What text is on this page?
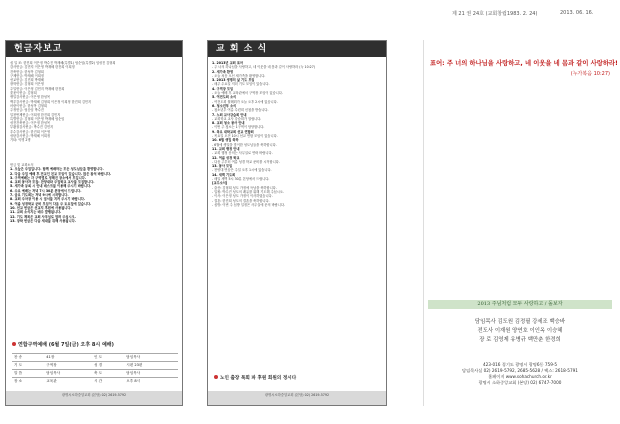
제 21 권 24호 (교회창립1983. 2. 24)	2013. 06. 16.
헌금자보고
십 일 조: 한진희 이은정 박수진 박재혜(특별1) 엄순임(특별2) 임성진 김형희
감사헌금: 김민지 이은영 박재혜 한진희 이희정
건축헌금: 한성목 김형희
구제헌금: 박재혜 이희정
선교헌금: 김진희 박재혜
장학헌금: 김형희 이은영
주일헌금: 이은정 김민지 박재혜 한진희
꽃꽂이헌금: 김형희
생일감사헌금: 이은영 한성목
맥추감사헌금: 박재혜 김형희 이은정 이희정 한진희 김민지
어린이헌금: 한성목 김형희
주정헌금: 엄순임 박수진
일천번제헌금: 이희정 한진희 김민지
특별헌금: 김형희 이은영 박재혜 엄순임
성전건축헌금: 이은정 한성목
부활절감사헌금: 박수진 김민지
추수감사헌금: 한진희 이은영
성탄감사헌금: 박재혜 이희정
기타: 익명 2명
헌금 및 교회소식
1. 오늘은 주일입니다. 함께 예배하는 모든 성도님들을 환영합니다.
2. 다음 주일 예배 후 전교인 친교 모임이 있습니다. 많은 참석 바랍니다.
3. 구역예배는 각 구역별로 정해진 장소에서 모입니다.
4. 교회 봉사자 모집: 찬양대와 주일학교 교사를 모집합니다.
5. 새가족 등록 시 안내 데스크를 이용해 주시기 바랍니다.
6. 수요 예배는 저녁 7시 30분 본당에서 드립니다.
7. 금요 기도회는 저녁 9시에 시작합니다.
8. 교회 주차장 이용 시 질서를 지켜 주시기 바랍니다.
9. 여름 성경학교 준비 모임이 다음 주 토요일에 있습니다.
10. 선교 헌금은 선교지 후원에 사용됩니다.
11. 교회 소식지는 매주 발행됩니다.
12. 기도 제목은 교회 사무실로 알려 주십시오.
13. 장학 헌금은 다음 세대를 위해 사용됩니다.
연합구역예배 (6월 7일(금) 오후 8시 예배)
찬 송	41장	인 도	담임목사
기 도	구역장	성 경	시편 23편
말 씀	담임목사	축 도	담임목사
장 소	교육관	시 간	오후 8시
광명시소하중앙교회 (본당) 02) 2619-5792
교 회 소 식
1. 2013년 교회 표어
- 주 너의 하나님을 사랑하고, 네 이웃을 네 몸과 같이 사랑하라 (눅 10:27)
2. 새가족 환영
- 오늘 처음 오신 새가족을 환영합니다.
3. 2013 생명의 삶 기도 모임
- 매주 수요일 저녁 기도 모임이 있습니다.
4. 구역장 모임
- 오늘 예배 후 교육관에서 구역장 모임이 있습니다.
5. 여전도회 소식
- 여전도회 월례회가 오늘 오후 2시에 있습니다.
6. 청소년부 소식
- 청소년부 여름 수련회 신청을 받습니다.
7. 노회 교사강습회 안내
- 교회학교 교사 강습회가 열립니다.
8. 교회 청소 봉사 안내
- 이번 주 청소는 1구역이 담당합니다.
9. 목요 대학교회 선교 연합회
- 목요일 오전 10시 선교 연합 모임이 있습니다.
10. 6월 생일 축하
- 6월에 생일을 맞이한 성도님들을 축하합니다.
11. 교회 행정 안내
- 교회 행정 문의는 사무실로 연락 바랍니다.
12. 여름 성경 학교
- 다음 주부터 여름 성경 학교 준비를 시작합니다.
13. 봉사 모임
- 찬양대 연습은 주일 오후 1시에 있습니다.
14. 새벽 기도회
- 매일 새벽 5시 30분 본당에서 드립니다.
[교우소식]
- 출산: 김형희 성도 가정에 득남을 축하합니다.
- 입원: 박수진 성도의 쾌유를 위해 기도해 주십시오.
- 이사: 이은정 성도 가정이 이사하였습니다.
- 결혼: 한진희 성도의 결혼을 축하합니다.
- 심방: 이번 주 심방 일정은 사무실에 문의 바랍니다.
노인 출장 목회 파 후원 회원의 정시다
광명시소하중앙교회 (본당) 02) 2619-5792
표어: 주 너의 하나님을 사랑하고, 네 이웃을 네 몸과 같이 사랑하라!
(누가복음 10:27)
2013 주님처럼 모두 사랑하고 / 돌보자
담임목사 김도원 김정필 강세조 백승바
전도사 이재원 양연호 이인옥 이승혜
장 로 김영제 유병규 백만춘 한경희
423-016 경기도 광명시 광명6동 759-5
담임목사실 02) 2619-5792, 2685-5628 / 팩스: 2618-5791
홈페이지 www.sohachurch.or.kr
광명시 소하중앙교회 (본당) 02) 6747-7000
